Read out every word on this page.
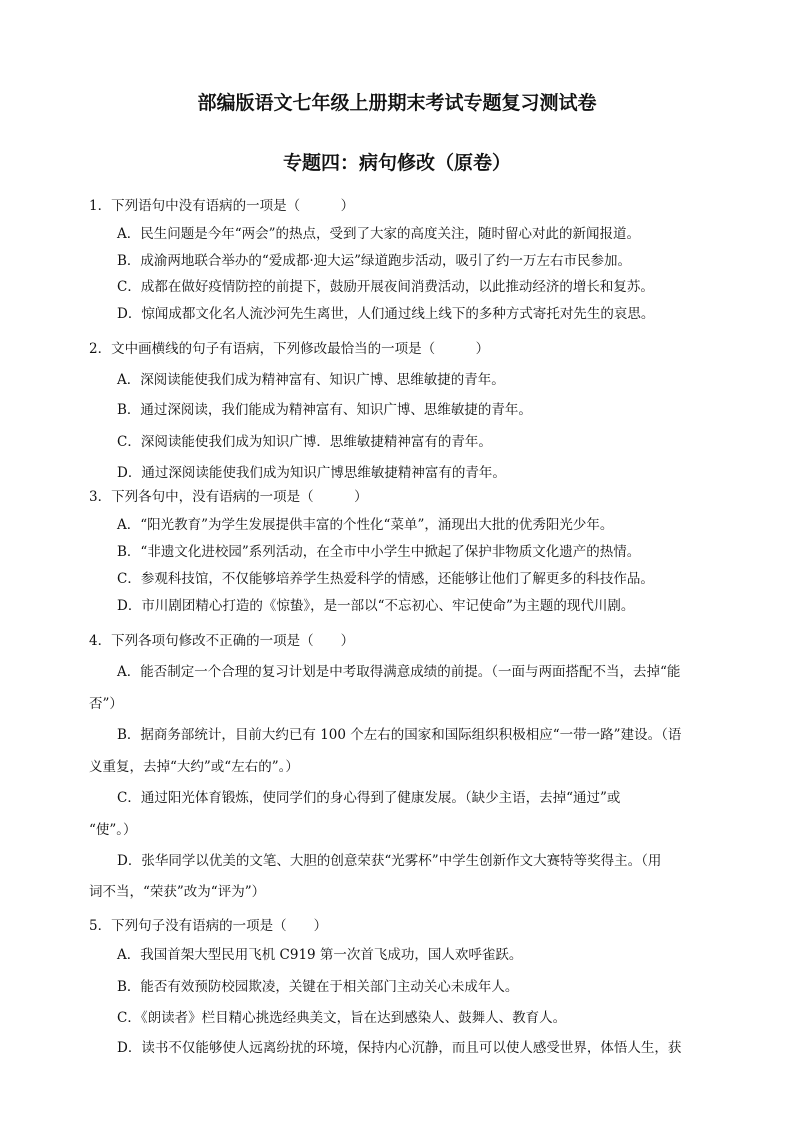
部编版语文七年级上册期末考试专题复习测试卷
专题四：病句修改（原卷）

1．下列语句中没有语病的一项是（　　　）

A．民生问题是今年“两会”的热点，受到了大家的高度关注，随时留心对此的新闻报道。

B．成渝两地联合举办的“爱成都·迎大运”绿道跑步活动，吸引了约一万左右市民参加。

C．成都在做好疫情防控的前提下，鼓励开展夜间消费活动，以此推动经济的增长和复苏。

D．惊闻成都文化名人流沙河先生离世，人们通过线上线下的多种方式寄托对先生的哀思。

2．文中画横线的句子有语病，下列修改最恰当的一项是（　　　）

A．深阅读能使我们成为精神富有、知识广博、思维敏捷的青年。

B．通过深阅读，我们能成为精神富有、知识广博、思维敏捷的青年。

C．深阅读能使我们成为知识广博．思维敏捷精神富有的青年。

D．通过深阅读能使我们成为知识广博思维敏捷精神富有的青年。

3．下列各句中，没有语病的一项是（　　　）

A．“阳光教育”为学生发展提供丰富的个性化“菜单”，涌现出大批的优秀阳光少年。

B．“非遗文化进校园”系列活动，在全市中小学生中掀起了保护非物质文化遗产的热情。

C．参观科技馆，不仅能够培养学生热爱科学的情感，还能够让他们了解更多的科技作品。

D．市川剧团精心打造的《惊蛰》，是一部以“不忘初心、牢记使命”为主题的现代川剧。

4．下列各项句修改不正确的一项是（　　）

A．能否制定一个合理的复习计划是中考取得满意成绩的前提。（一面与两面搭配不当，去掉“能

否”）

B．据商务部统计，目前大约已有 100 个左右的国家和国际组织积极相应“一带一路”建设。（语

义重复，去掉“大约”或“左右的”。）

C．通过阳光体育锻炼，使同学们的身心得到了健康发展。（缺少主语，去掉“通过”或

“使”。）

D．张华同学以优美的文笔、大胆的创意荣获“光雾杯”中学生创新作文大赛特等奖得主。（用

词不当，“荣获”改为“评为”）

5．下列句子没有语病的一项是（　　）

A．我国首架大型民用飞机 C919 第一次首飞成功，国人欢呼雀跃。

B．能否有效预防校园欺凌，关键在于相关部门主动关心未成年人。

C．《朗读者》栏目精心挑选经典美文，旨在达到感染人、鼓舞人、教育人。

D．读书不仅能够使人远离纷扰的环境，保持内心沉静，而且可以使人感受世界，体悟人生，获
